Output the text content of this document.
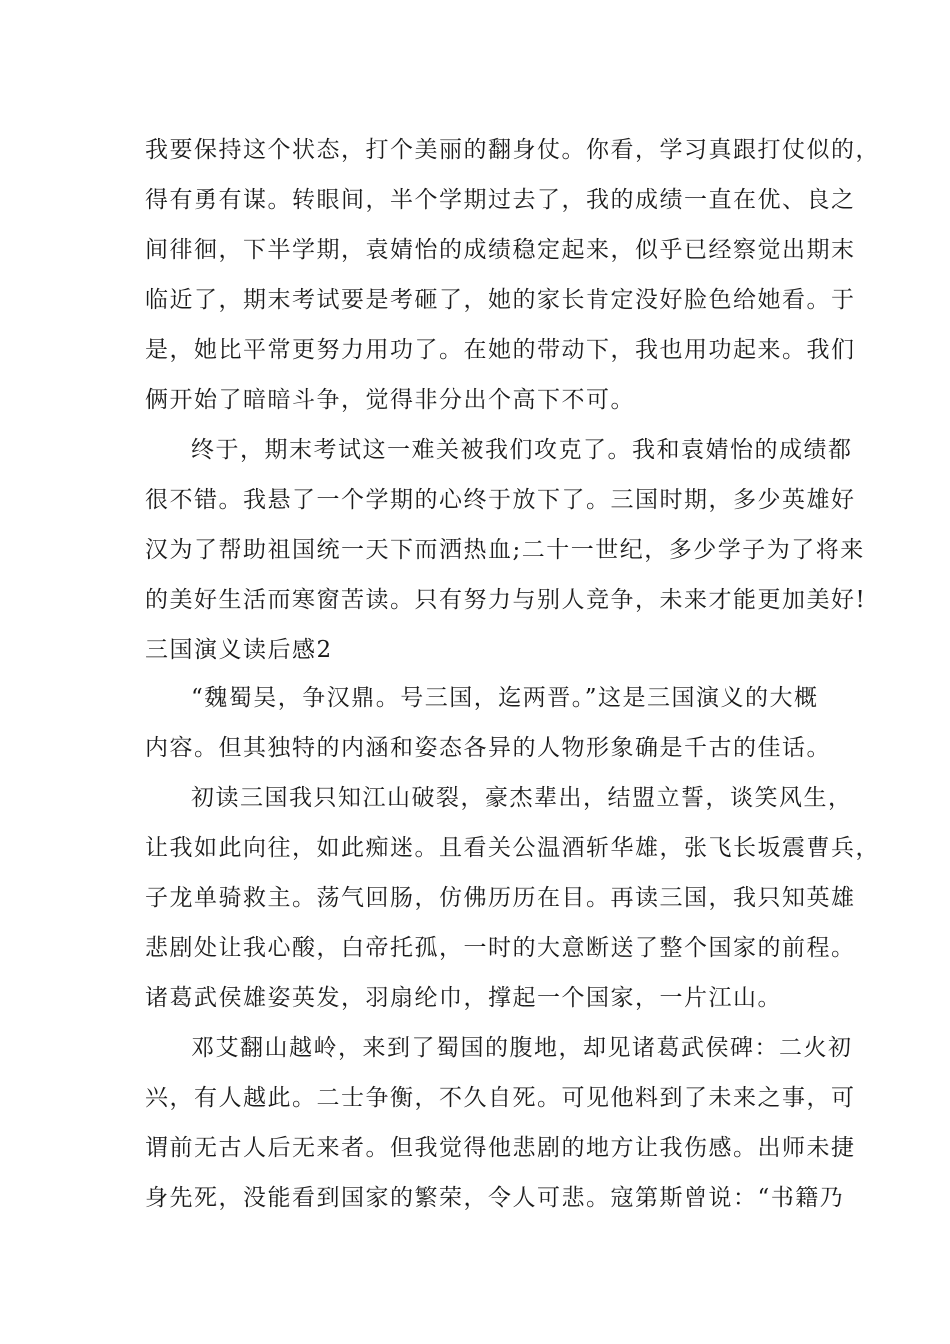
我要保持这个状态，打个美丽的翻身仗。你看，学习真跟打仗似的，
得有勇有谋。转眼间，半个学期过去了，我的成绩一直在优、良之
间徘徊，下半学期，袁婧怡的成绩稳定起来，似乎已经察觉出期末
临近了，期末考试要是考砸了，她的家长肯定没好脸色给她看。于
是，她比平常更努力用功了。在她的带动下，我也用功起来。我们
俩开始了暗暗斗争，觉得非分出个高下不可。
终于，期末考试这一难关被我们攻克了。我和袁婧怡的成绩都
很不错。我悬了一个学期的心终于放下了。三国时期，多少英雄好
汉为了帮助祖国统一天下而洒热血;二十一世纪，多少学子为了将来
的美好生活而寒窗苦读。只有努力与别人竞争，未来才能更加美好!
三国演义读后感2
“魏蜀吴，争汉鼎。号三国，迄两晋。”这是三国演义的大概
内容。但其独特的内涵和姿态各异的人物形象确是千古的佳话。
初读三国我只知江山破裂，豪杰辈出，结盟立誓，谈笑风生，
让我如此向往，如此痴迷。且看关公温酒斩华雄，张飞长坂震曹兵，
子龙单骑救主。荡气回肠，仿佛历历在目。再读三国，我只知英雄
悲剧处让我心酸，白帝托孤，一时的大意断送了整个国家的前程。
诸葛武侯雄姿英发，羽扇纶巾，撑起一个国家，一片江山。
邓艾翻山越岭，来到了蜀国的腹地，却见诸葛武侯碑：二火初
兴，有人越此。二士争衡，不久自死。可见他料到了未来之事，可
谓前无古人后无来者。但我觉得他悲剧的地方让我伤感。出师未捷
身先死，没能看到国家的繁荣，令人可悲。寇第斯曾说：“书籍乃
